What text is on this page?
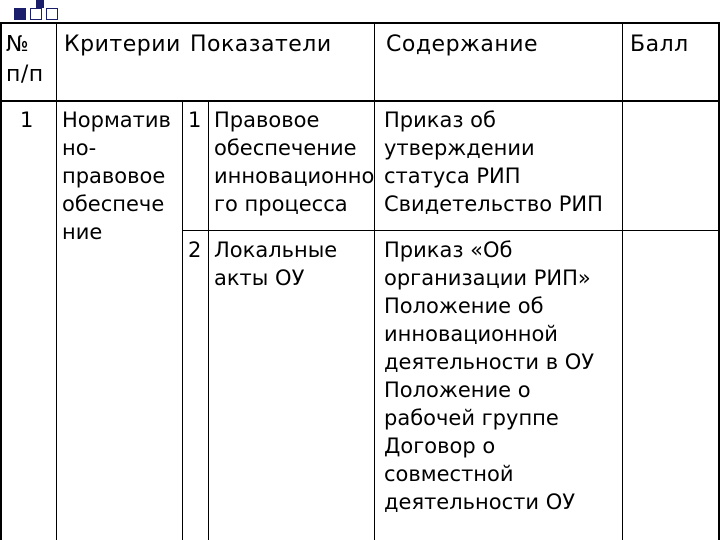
№
п/п
Критерии Показатели Содержание	Балл
1 Норматив
но-
правовое
обеспече
ние
1 Правовое
обеспечение
инновационно
го процесса
Приказ об
утверждении
статуса РИП
Свидетельство РИП
2 Локальные
акты ОУ
Приказ «Об
организации РИП»
Положение об
инновационной
деятельности в ОУ
Положение о
рабочей группе
Договор о
совместной
деятельности ОУ
